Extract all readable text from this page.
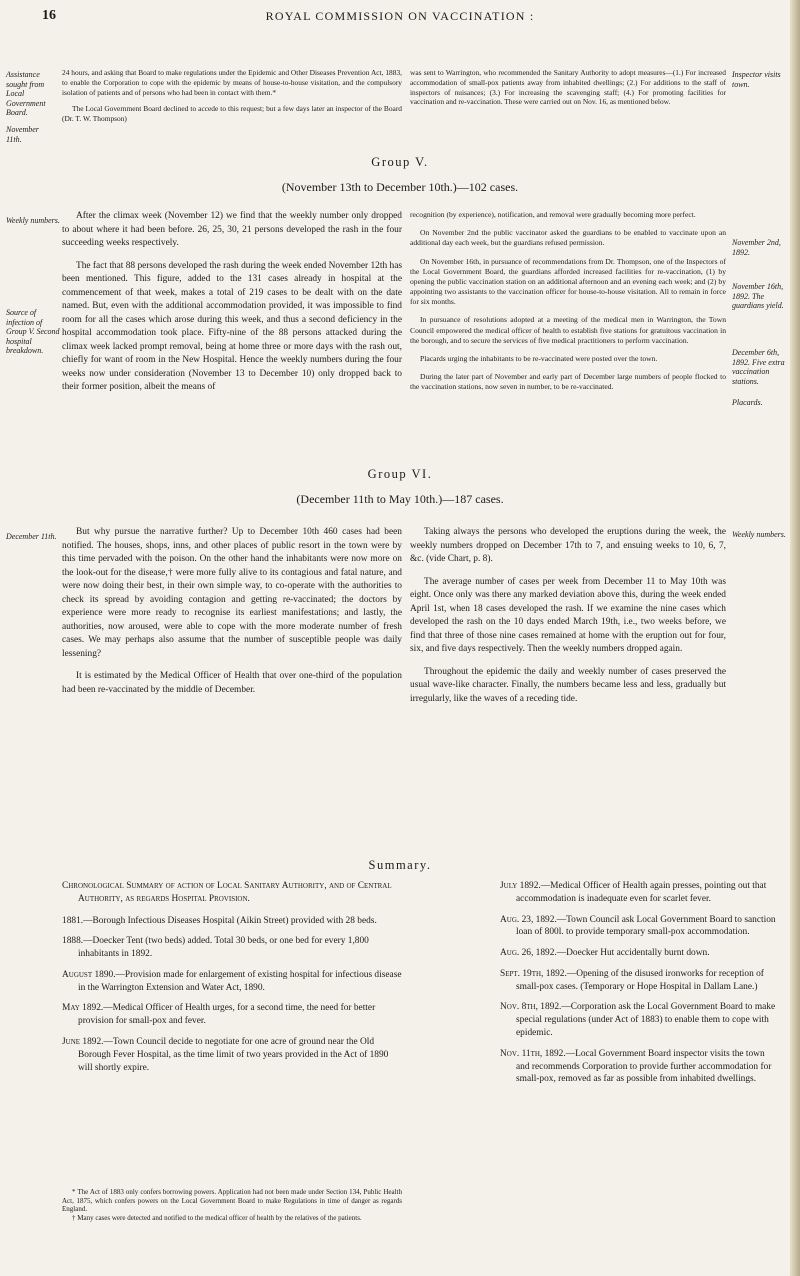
16	ROYAL COMMISSION ON VACCINATION :

Assistance sought from Local Government Board.

November 11th.

24 hours, and asking that Board to make regulations under the Epidemic and Other Diseases Prevention Act, 1883, to enable the Corporation to cope with the epidemic by means of house-to-house visitation, and the compulsory isolation of patients and of persons who had been in contact with them.*

The Local Government Board declined to accede to this request; but a few days later an inspector of the Board (Dr. T. W. Thompson)

was sent to Warrington, who recommended the Sanitary Authority to adopt measures—(1.) For increased accommodation of small-pox patients away from inhabited dwellings; (2.) For additions to the staff of inspectors of nuisances; (3.) For increasing the scavenging staff; (4.) For promoting facilities for vaccination and re-vaccination. These were carried out on Nov. 16, as mentioned below.

Inspector visits town.
Group V.
(November 13th to December 10th.)—102 cases.
Weekly numbers.
Source of infection of Group V. Second hospital breakdown.

After the climax week (November 12) we find that the weekly number only dropped to about where it had been before. 26, 25, 30, 21 persons developed the rash in the four succeeding weeks respectively.

The fact that 88 persons developed the rash during the week ended November 12th has been mentioned. This figure, added to the 131 cases already in hospital at the commencement of that week, makes a total of 219 cases to be dealt with on the date named. But, even with the additional accommodation provided, it was impossible to find room for all the cases which arose during this week, and thus a second deficiency in the hospital accommodation took place. Fifty-nine of the 88 persons attacked during the climax week lacked prompt removal, being at home three or more days with the rash out, chiefly for want of room in the New Hospital. Hence the weekly numbers during the four weeks now under consideration (November 13 to December 10) only dropped back to their former position, albeit the means of

recognition (by experience), notification, and removal were gradually becoming more perfect.

On November 2nd the public vaccinator asked the guardians to be enabled to vaccinate upon an additional day each week, but the guardians refused permission.

On November 16th, in pursuance of recommendations from Dr. Thompson, one of the Inspectors of the Local Government Board, the guardians afforded increased facilities for re-vaccination, (1) by opening the public vaccination station on an additional afternoon and an evening each week; and (2) by appointing two assistants to the vaccination officer for house-to-house visitation. All to remain in force for six months.

In pursuance of resolutions adopted at a meeting of the medical men in Warrington, the Town Council empowered the medical officer of health to establish five stations for gratuitous vaccination in the borough, and to secure the services of five medical practitioners to perform vaccination.

Placards urging the inhabitants to be re-vaccinated were posted over the town.

During the later part of November and early part of December large numbers of people flocked to the vaccination stations, now seven in number, to be re-vaccinated.

November 2nd, 1892.
November 16th, 1892. The guardians yield.
December 6th, 1892. Five extra vaccination stations.
Placards.
Group VI.
(December 11th to May 10th.)—187 cases.
December 11th.	But why pursue the narrative further? Up to December 10th 460 cases had been notified. The houses, shops, inns, and other places of public resort in the town were by this time pervaded with the poison. On the other hand the inhabitants were now more on the look-out for the disease,† were more fully alive to its contagious and fatal nature, and were now doing their best, in their own simple way, to co-operate with the authorities to check its spread by avoiding contagion and getting re-vaccinated; the doctors by experience were more ready to recognise its earliest manifestations; and lastly, the authorities, now aroused, were able to cope with the more moderate number of fresh cases. We may perhaps also assume that the number of susceptible people was daily lessening?

It is estimated by the Medical Officer of Health that over one-third of the population had been re-vaccinated by the middle of December.

Taking always the persons who developed the eruptions during the week, the weekly numbers dropped on December 17th to 7, and ensuing weeks to 10, 6, 7, &c. (vide Chart, p. 8).

The average number of cases per week from December 11 to May 10th was eight. Once only was there any marked deviation above this, during the week ended April 1st, when 18 cases developed the rash. If we examine the nine cases which developed the rash on the 10 days ended March 19th, i.e., two weeks before, we find that three of those nine cases remained at home with the eruption out for four, six, and five days respectively. Then the weekly numbers dropped again.

Throughout the epidemic the daily and weekly number of cases preserved the usual wave-like character. Finally, the numbers became less and less, gradually but irregularly, like the waves of a receding tide.

Weekly numbers.
Summary.
Chronological Summary of action of Local Sanitary Authority, and of Central Authority, as regards Hospital Provision.
1881.—Borough Infectious Diseases Hospital (Aikin Street) provided with 28 beds.
1888.—Doecker Tent (two beds) added. Total 30 beds, or one bed for every 1,800 inhabitants in 1892.
August 1890.—Provision made for enlargement of existing hospital for infectious disease in the Warrington Extension and Water Act, 1890.
May 1892.—Medical Officer of Health urges, for a second time, the need for better provision for small-pox and fever.
June 1892.—Town Council decide to negotiate for one acre of ground near the Old Borough Fever Hospital, as the time limit of two years provided in the Act of 1890 will shortly expire.
July 1892.—Medical Officer of Health again presses, pointing out that accommodation is inadequate even for scarlet fever.
Aug. 23, 1892.—Town Council ask Local Government Board to sanction loan of 800l. to provide temporary small-pox accommodation.
Aug. 26, 1892.—Doecker Hut accidentally burnt down.
Sept. 19th, 1892.—Opening of the disused ironworks for reception of small-pox cases. (Temporary or Hope Hospital in Dallam Lane.)
Nov. 8th, 1892.—Corporation ask the Local Government Board to make special regulations (under Act of 1883) to enable them to cope with epidemic.
Nov. 11th, 1892.—Local Government Board inspector visits the town and recommends Corporation to provide further accommodation for small-pox, removed as far as possible from inhabited dwellings.

* The Act of 1883 only confers borrowing powers. Application had not been made under Section 134, Public Health Act, 1875, which confers powers on the Local Government Board to make Regulations in time of danger as regards England.

† Many cases were detected and notified to the medical officer of health by the relatives of the patients.
